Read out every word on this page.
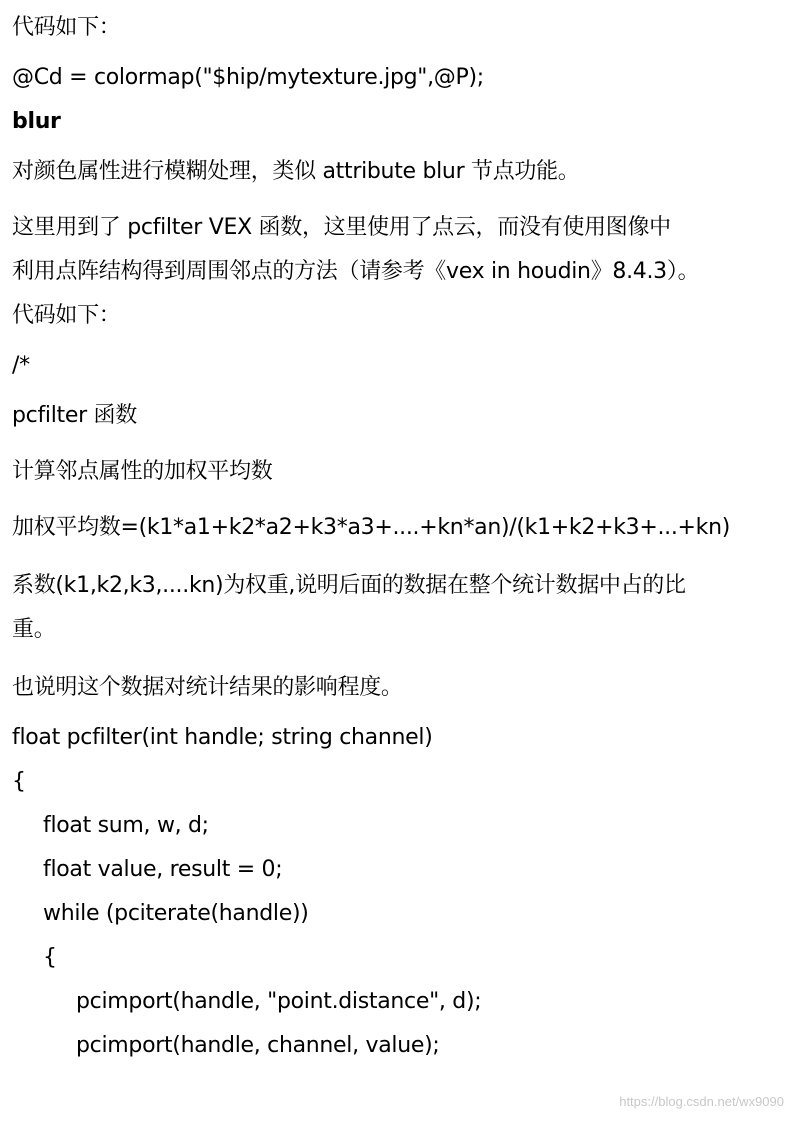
代码如下：
@Cd = colormap("$hip/mytexture.jpg",@P);
blur
对颜色属性进行模糊处理，类似 attribute blur 节点功能。
这里用到了 pcfilter VEX 函数，这里使用了点云，而没有使用图像中
利用点阵结构得到周围邻点的方法（请参考《vex in houdin》8.4.3）。
代码如下：
/*
pcfilter 函数
计算邻点属性的加权平均数
加权平均数=(k1*a1+k2*a2+k3*a3+....+kn*an)/(k1+k2+k3+...+kn)
系数(k1,k2,k3,....kn)为权重,说明后面的数据在整个统计数据中占的比
重。
也说明这个数据对统计结果的影响程度。
float pcfilter(int handle; string channel)
{
float sum, w, d;
float value, result = 0;
while (pciterate(handle))
{
pcimport(handle, "point.distance", d);
pcimport(handle, channel, value);
https://blog.csdn.net/wx9090
